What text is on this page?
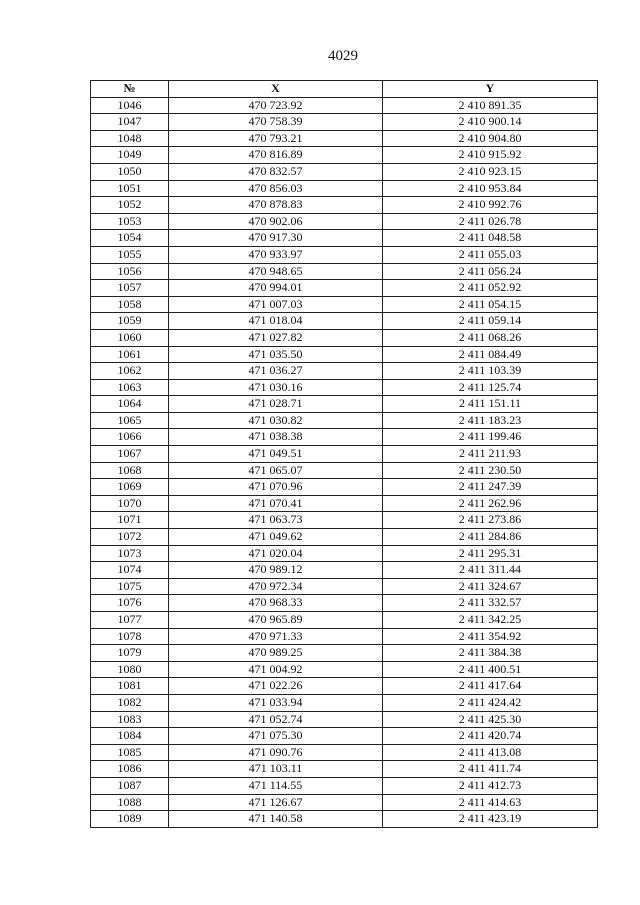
4029
№	X	Y
1046	470 723.92	2 410 891.35
1047	470 758.39	2 410 900.14
1048	470 793.21	2 410 904.80
1049	470 816.89	2 410 915.92
1050	470 832.57	2 410 923.15
1051	470 856.03	2 410 953.84
1052	470 878.83	2 410 992.76
1053	470 902.06	2 411 026.78
1054	470 917.30	2 411 048.58
1055	470 933.97	2 411 055.03
1056	470 948.65	2 411 056.24
1057	470 994.01	2 411 052.92
1058	471 007.03	2 411 054.15
1059	471 018.04	2 411 059.14
1060	471 027.82	2 411 068.26
1061	471 035.50	2 411 084.49
1062	471 036.27	2 411 103.39
1063	471 030.16	2 411 125.74
1064	471 028.71	2 411 151.11
1065	471 030.82	2 411 183.23
1066	471 038.38	2 411 199.46
1067	471 049.51	2 411 211.93
1068	471 065.07	2 411 230.50
1069	471 070.96	2 411 247.39
1070	471 070.41	2 411 262.96
1071	471 063.73	2 411 273.86
1072	471 049.62	2 411 284.86
1073	471 020.04	2 411 295.31
1074	470 989.12	2 411 311.44
1075	470 972.34	2 411 324.67
1076	470 968.33	2 411 332.57
1077	470 965.89	2 411 342.25
1078	470 971.33	2 411 354.92
1079	470 989.25	2 411 384.38
1080	471 004.92	2 411 400.51
1081	471 022.26	2 411 417.64
1082	471 033.94	2 411 424.42
1083	471 052.74	2 411 425.30
1084	471 075.30	2 411 420.74
1085	471 090.76	2 411 413.08
1086	471 103.11	2 411 411.74
1087	471 114.55	2 411 412.73
1088	471 126.67	2 411 414.63
1089	471 140.58	2 411 423.19
